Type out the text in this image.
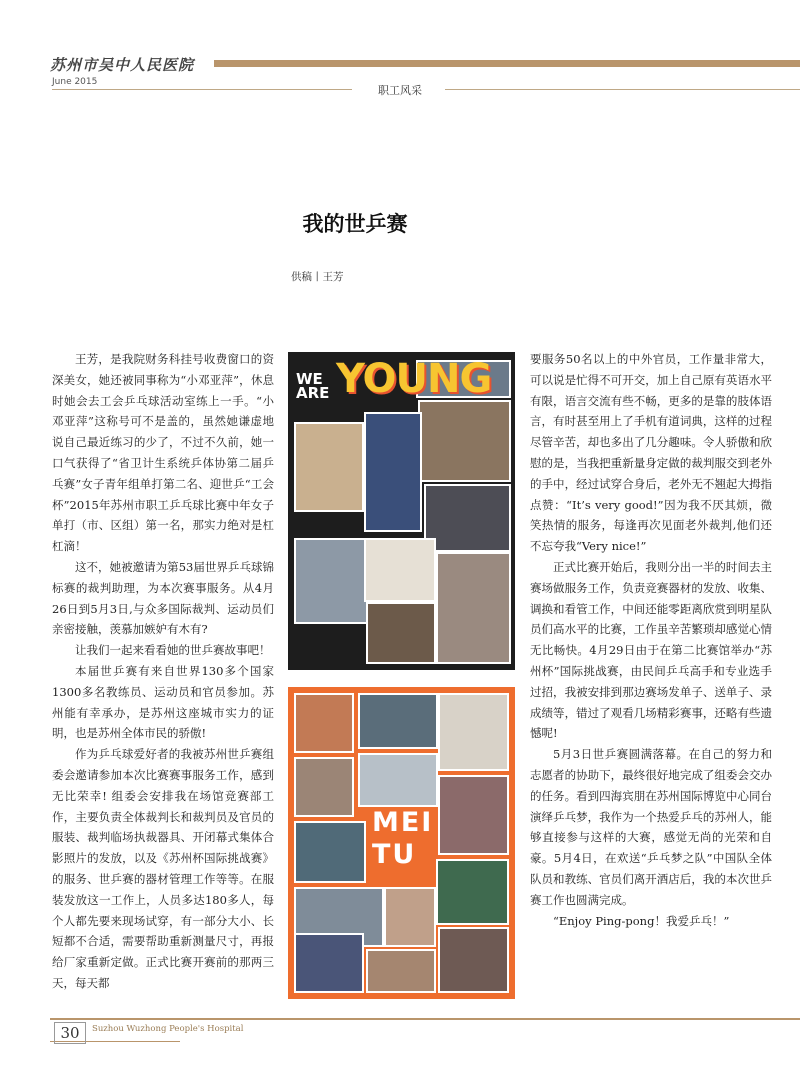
苏州市吴中人民医院
June 2015
职工风采
我的世乒赛
供稿丨王芳

王芳，是我院财务科挂号收费窗口的资深美女，她还被同事称为“小邓亚萍”，休息时她会去工会乒乓球活动室练上一手。“小邓亚萍”这称号可不是盖的，虽然她谦虚地说自己最近练习的少了，不过不久前，她一口气获得了“省卫计生系统乒体协第二届乒乓赛”女子青年组单打第二名、迎世乒“工会杯”2015年苏州市职工乒乓球比赛中年女子单打（市、区组）第一名，那实力绝对是杠杠滴！

这不，她被邀请为第53届世界乒乓球锦标赛的裁判助理，为本次赛事服务。从4月26日到5月3日,与众多国际裁判、运动员们亲密接触，羡慕加嫉妒有木有?

让我们一起来看看她的世乒赛故事吧！

本届世乒赛有来自世界130多个国家1300多名教练员、运动员和官员参加。苏州能有幸承办，是苏州这座城市实力的证明，也是苏州全体市民的骄傲!

作为乒乓球爱好者的我被苏州世乒赛组委会邀请参加本次比赛赛事服务工作，感到无比荣幸! 组委会安排我在场馆竞赛部工作，主要负责全体裁判长和裁判员及官员的服装、裁判临场执裁器具、开闭幕式集体合影照片的发放，以及《苏州杯国际挑战赛》的服务、世乒赛的器材管理工作等等。在服装发放这一工作上，人员多达180多人，每个人都先要来现场试穿，有一部分大小、长短都不合适，需要帮助重新测量尺寸，再报给厂家重新定做。正式比赛开赛前的那两三天，每天都

WE
ARE YOUNG
MEI
TU

要服务50名以上的中外官员，工作量非常大，可以说是忙得不可开交，加上自己原有英语水平有限，语言交流有些不畅，更多的是靠的肢体语言，有时甚至用上了手机有道词典，这样的过程尽管辛苦，却也多出了几分趣味。令人骄傲和欣慰的是，当我把重新量身定做的裁判服交到老外的手中，经过试穿合身后，老外无不翘起大拇指点赞：“It’s very good!”因为我不厌其烦，微笑热情的服务，每逢再次见面老外裁判,他们还不忘夸我“Very nice!”

正式比赛开始后，我则分出一半的时间去主赛场做服务工作，负责竞赛器材的发放、收集、调换和看管工作，中间还能零距离欣赏到明星队员们高水平的比赛，工作虽辛苦繁琐却感觉心情无比畅快。4月29日由于在第二比赛馆举办“苏州杯”国际挑战赛，由民间乒乓高手和专业选手过招，我被安排到那边赛场发单子、送单子、录成绩等，错过了观看几场精彩赛事，还略有些遗憾呢!

5月3日世乒赛圆满落幕。在自己的努力和志愿者的协助下，最终很好地完成了组委会交办的任务。看到四海宾朋在苏州国际博览中心同台演绎乒乓梦，我作为一个热爱乒乓的苏州人，能够直接参与这样的大赛，感觉无尚的光荣和自豪。5月4日，在欢送“乒乓梦之队”中国队全体队员和教练、官员们离开酒店后，我的本次世乒赛工作也圆满完成。

“Enjoy Ping-pong！我爱乒乓！”

30	Suzhou Wuzhong People's Hospital
